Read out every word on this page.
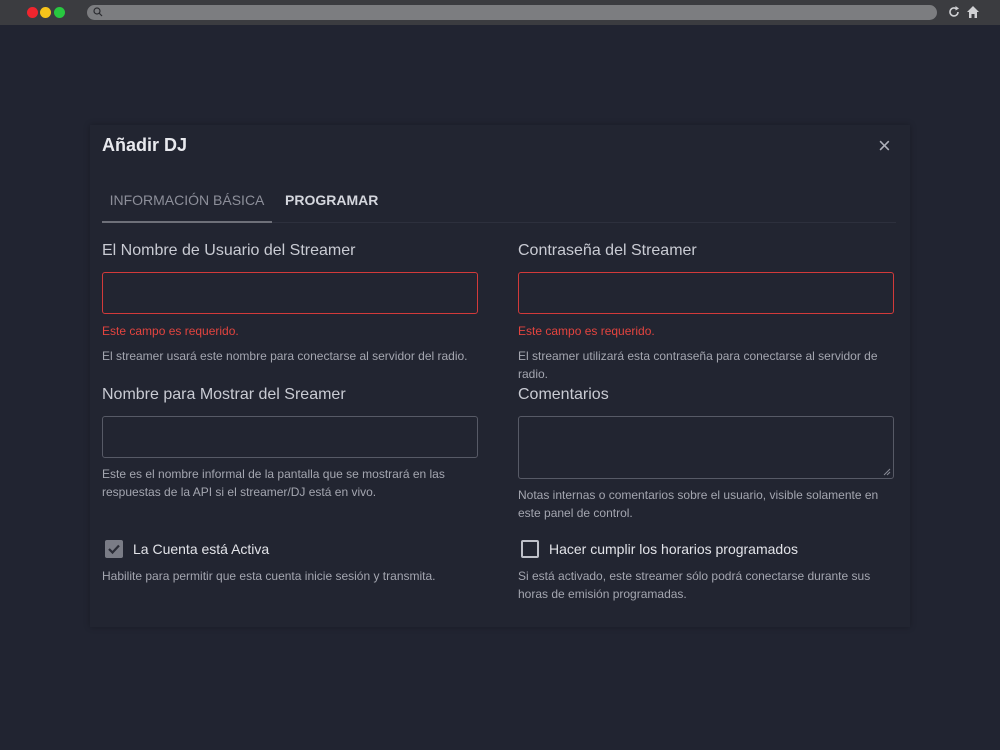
Añadir DJ	×
INFORMACIÓN BÁSICA	PROGRAMAR
El Nombre de Usuario del Streamer
Este campo es requerido.
El streamer usará este nombre para conectarse al servidor del radio.
Contraseña del Streamer
Este campo es requerido.
El streamer utilizará esta contraseña para conectarse al servidor de radio.
Nombre para Mostrar del Sreamer
Este es el nombre informal de la pantalla que se mostrará en las respuestas de la API si el streamer/DJ está en vivo.
Comentarios
Notas internas o comentarios sobre el usuario, visible solamente en este panel de control.
La Cuenta está Activa
Habilite para permitir que esta cuenta inicie sesión y transmita.
Hacer cumplir los horarios programados
Si está activado, este streamer sólo podrá conectarse durante sus horas de emisión programadas.
